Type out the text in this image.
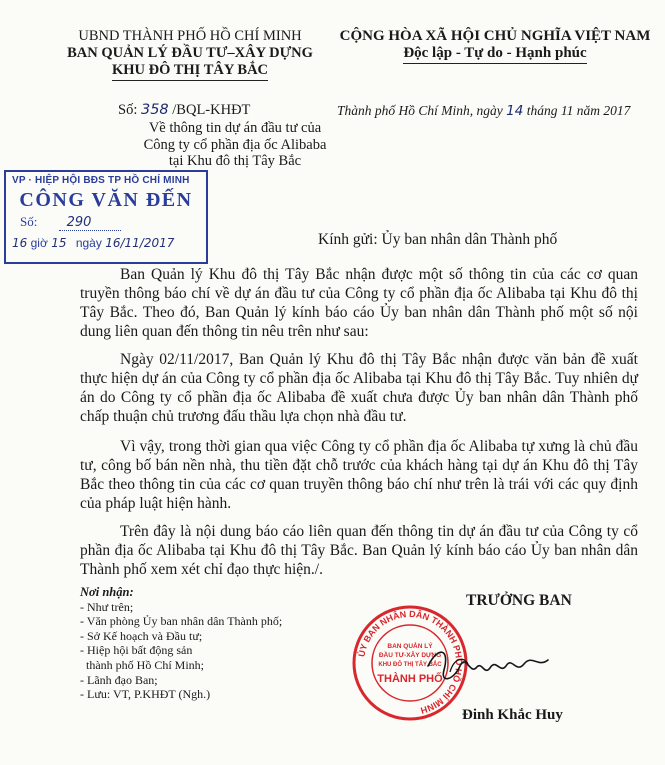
UBND THÀNH PHỐ HỒ CHÍ MINH
BAN QUẢN LÝ ĐẦU TƯ–XÂY DỰNG
KHU ĐÔ THỊ TÂY BẮC
CỘNG HÒA XÃ HỘI CHỦ NGHĨA VIỆT NAM
Độc lập - Tự do - Hạnh phúc
Số: 358 /BQL-KHĐT
Về thông tin dự án đầu tư của
Công ty cổ phần địa ốc Alibaba
tại Khu đô thị Tây Bắc
Thành phố Hồ Chí Minh, ngày 14 tháng 11 năm 2017
VP · HIỆP HỘI BĐS TP HỒ CHÍ MINH
CÔNG VĂN ĐẾN
Số: 290
16 giờ 15 ngày 16/11/2017	Kính gửi: Ủy ban nhân dân Thành phố

Ban Quản lý Khu đô thị Tây Bắc nhận được một số thông tin của các cơ quan truyền thông báo chí về dự án đầu tư của Công ty cổ phần địa ốc Alibaba tại Khu đô thị Tây Bắc. Theo đó, Ban Quản lý kính báo cáo Ủy ban nhân dân Thành phố một số nội dung liên quan đến thông tin nêu trên như sau:

Ngày 02/11/2017, Ban Quản lý Khu đô thị Tây Bắc nhận được văn bản đề xuất thực hiện dự án của Công ty cổ phần địa ốc Alibaba tại Khu đô thị Tây Bắc. Tuy nhiên dự án do Công ty cổ phần địa ốc Alibaba đề xuất chưa được Ủy ban nhân dân Thành phố chấp thuận chủ trương đấu thầu lựa chọn nhà đầu tư.

Vì vậy, trong thời gian qua việc Công ty cổ phần địa ốc Alibaba tự xưng là chủ đầu tư, công bố bán nền nhà, thu tiền đặt chỗ trước của khách hàng tại dự án Khu đô thị Tây Bắc theo thông tin của các cơ quan truyền thông báo chí như trên là trái với các quy định của pháp luật hiện hành.

Trên đây là nội dung báo cáo liên quan đến thông tin dự án đầu tư của Công ty cổ phần địa ốc Alibaba tại Khu đô thị Tây Bắc. Ban Quản lý kính báo cáo Ủy ban nhân dân Thành phố xem xét chỉ đạo thực hiện./.

Nơi nhận:
- Như trên;
- Văn phòng Ủy ban nhân dân Thành phố;
- Sở Kế hoạch và Đầu tư;
- Hiệp hội bất động sản
thành phố Hồ Chí Minh;
- Lãnh đạo Ban;
- Lưu: VT, P.KHĐT (Ngh.)
TRƯỞNG BAN
ỦY BAN NHÂN DÂN THÀNH PHỐ HỒ CHÍ MINH
BAN QUẢN LÝ
ĐẦU TƯ-XÂY DỰNG
KHU ĐÔ THỊ TÂY BẮC
THÀNH PHỐ
Đinh Khắc Huy
